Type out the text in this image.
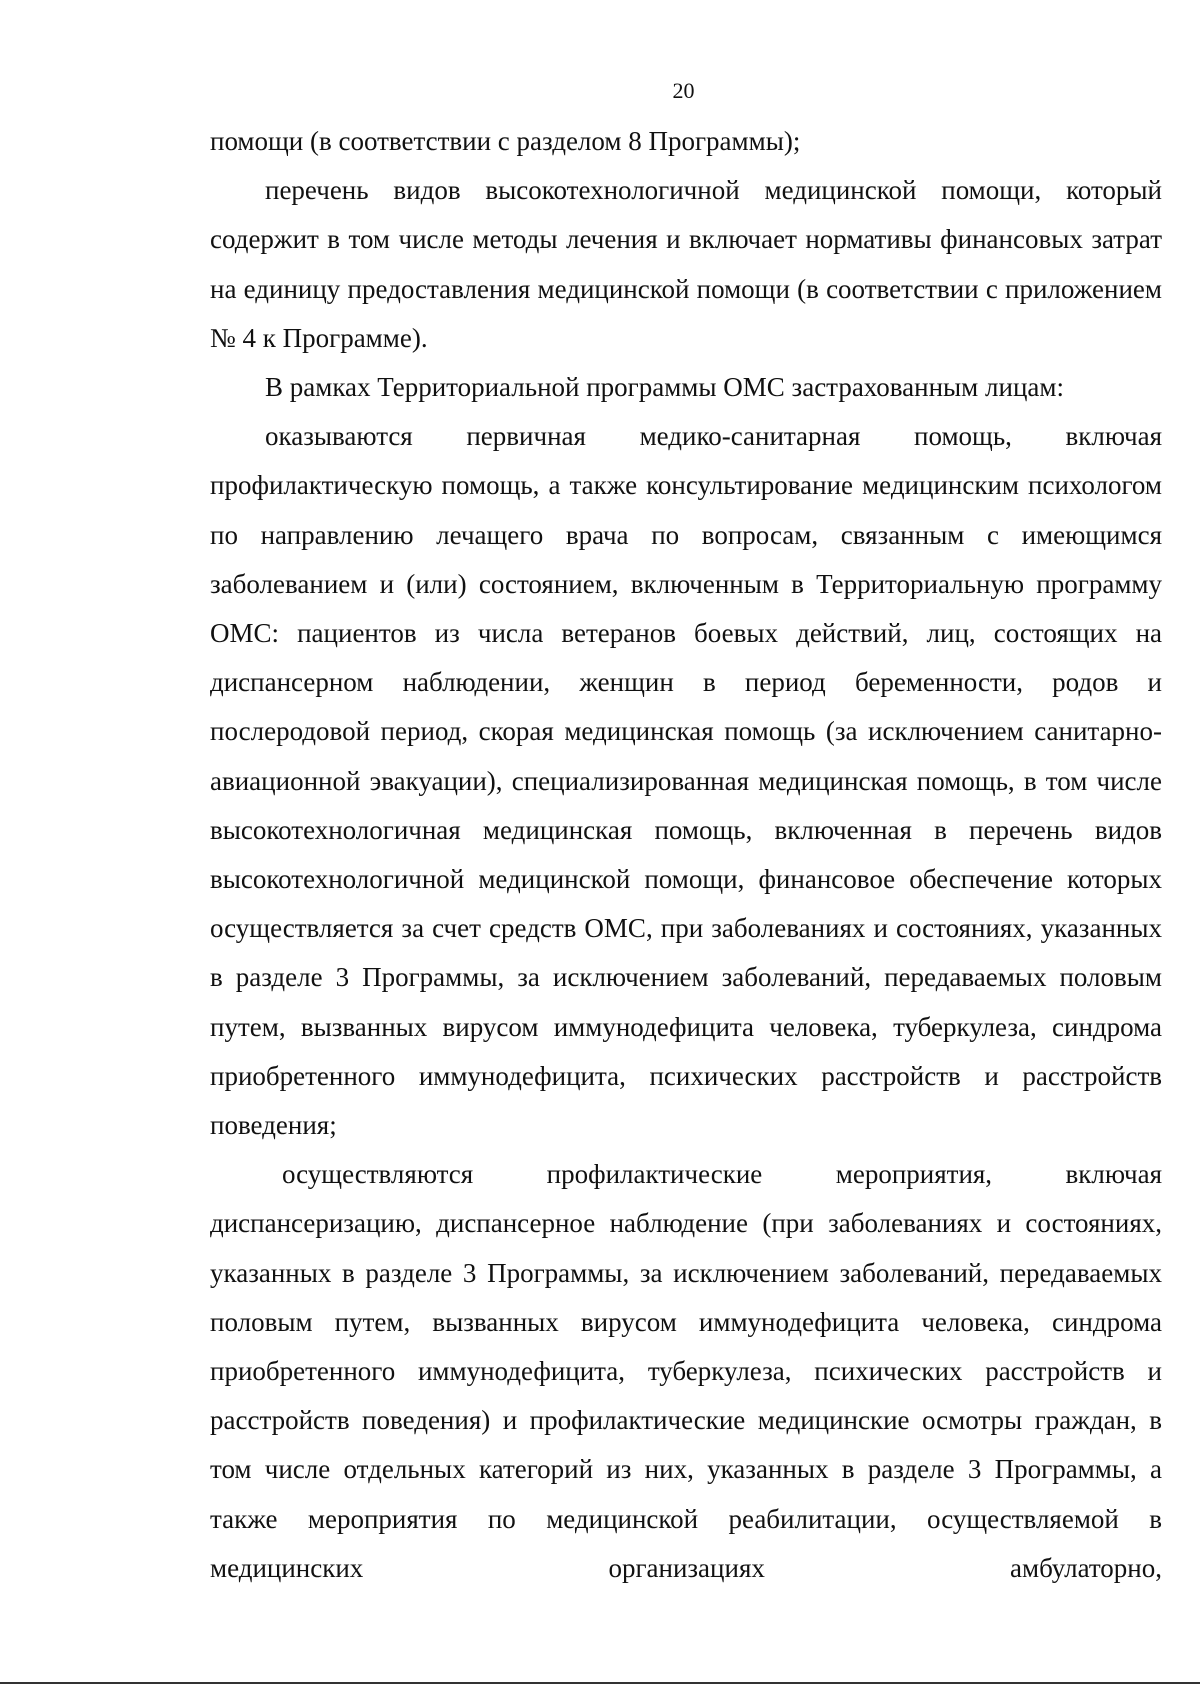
20

помощи (в соответствии с разделом 8 Программы);

перечень видов высокотехнологичной медицинской помощи, который содержит в том числе методы лечения и включает нормативы финансовых затрат на единицу предоставления медицинской помощи (в соответствии с приложением № 4 к Программе).

В рамках Территориальной программы ОМС застрахованным лицам:

оказываются первичная медико-санитарная помощь, включая профилактическую помощь, а также консультирование медицинским психологом по направлению лечащего врача по вопросам, связанным с имеющимся заболеванием и (или) состоянием, включенным в Территориальную программу ОМС: пациентов из числа ветеранов боевых действий, лиц, состоящих на диспансерном наблюдении, женщин в период беременности, родов и послеродовой период, скорая медицинская помощь (за исключением санитарно-авиационной эвакуации), специализированная медицинская помощь, в том числе высокотехнологичная медицинская помощь, включенная в перечень видов высокотехнологичной медицинской помощи, финансовое обеспечение которых осуществляется за счет средств ОМС, при заболеваниях и состояниях, указанных в разделе 3 Программы, за исключением заболеваний, передаваемых половым путем, вызванных вирусом иммунодефицита человека, туберкулеза, синдрома приобретенного иммунодефицита, психических расстройств и расстройств поведения;

осуществляются профилактические мероприятия, включая диспансеризацию, диспансерное наблюдение (при заболеваниях и состояниях, указанных в разделе 3 Программы, за исключением заболеваний, передаваемых половым путем, вызванных вирусом иммунодефицита человека, синдрома приобретенного иммунодефицита, туберкулеза, психических расстройств и расстройств поведения) и профилактические медицинские осмотры граждан, в том числе отдельных категорий из них, указанных в разделе 3 Программы, а также мероприятия по медицинской реабилитации, осуществляемой в медицинских организациях амбулаторно,
